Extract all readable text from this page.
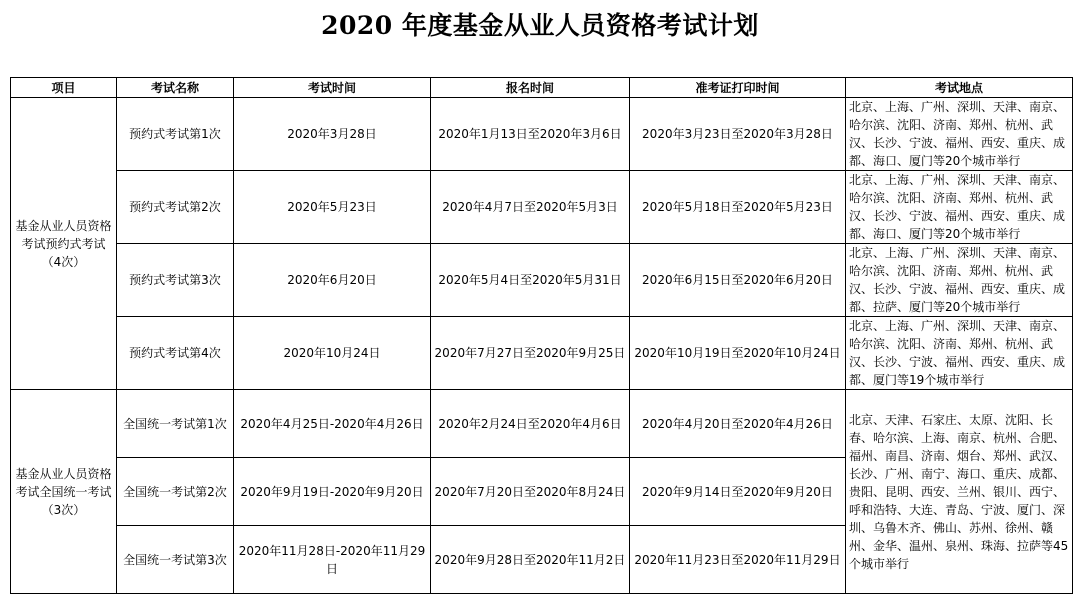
2020 年度基金从业人员资格考试计划
项目	考试名称	考试时间	报名时间	准考证打印时间	考试地点

基金从业人员资格
考试预约式考试
（4次）	预约式考试第1次	2020年3月28日	2020年1月13日至2020年3月6日	2020年3月23日至2020年3月28日	北京、上海、广州、深圳、天津、南京、哈尔滨、沈阳、济南、郑州、杭州、武汉、长沙、宁波、福州、西安、重庆、成都、海口、厦门等20个城市举行
	预约式考试第2次	2020年5月23日	2020年4月7日至2020年5月3日	2020年5月18日至2020年5月23日	北京、上海、广州、深圳、天津、南京、哈尔滨、沈阳、济南、郑州、杭州、武汉、长沙、宁波、福州、西安、重庆、成都、海口、厦门等20个城市举行
	预约式考试第3次	2020年6月20日	2020年5月4日至2020年5月31日	2020年6月15日至2020年6月20日	北京、上海、广州、深圳、天津、南京、哈尔滨、沈阳、济南、郑州、杭州、武汉、长沙、宁波、福州、西安、重庆、成都、拉萨、厦门等20个城市举行
	预约式考试第4次	2020年10月24日	2020年7月27日至2020年9月25日	2020年10月19日至2020年10月24日	北京、上海、广州、深圳、天津、南京、哈尔滨、沈阳、济南、郑州、杭州、武汉、长沙、宁波、福州、西安、重庆、成都、厦门等19个城市举行

基金从业人员资格
考试全国统一考试
（3次）	全国统一考试第1次	2020年4月25日-2020年4月26日	2020年2月24日至2020年4月6日	2020年4月20日至2020年4月26日	北京、天津、石家庄、太原、沈阳、长春、哈尔滨、上海、南京、杭州、合肥、福州、南昌、济南、烟台、郑州、武汉、长沙、广州、南宁、海口、重庆、成都、贵阳、昆明、西安、兰州、银川、西宁、呼和浩特、大连、青岛、宁波、厦门、深圳、乌鲁木齐、佛山、苏州、徐州、赣州、金华、温州、泉州、珠海、拉萨等45个城市举行
	全国统一考试第2次	2020年9月19日-2020年9月20日	2020年7月20日至2020年8月24日	2020年9月14日至2020年9月20日	
	全国统一考试第3次	2020年11月28日-2020年11月29日	2020年9月28日至2020年11月2日	2020年11月23日至2020年11月29日	
